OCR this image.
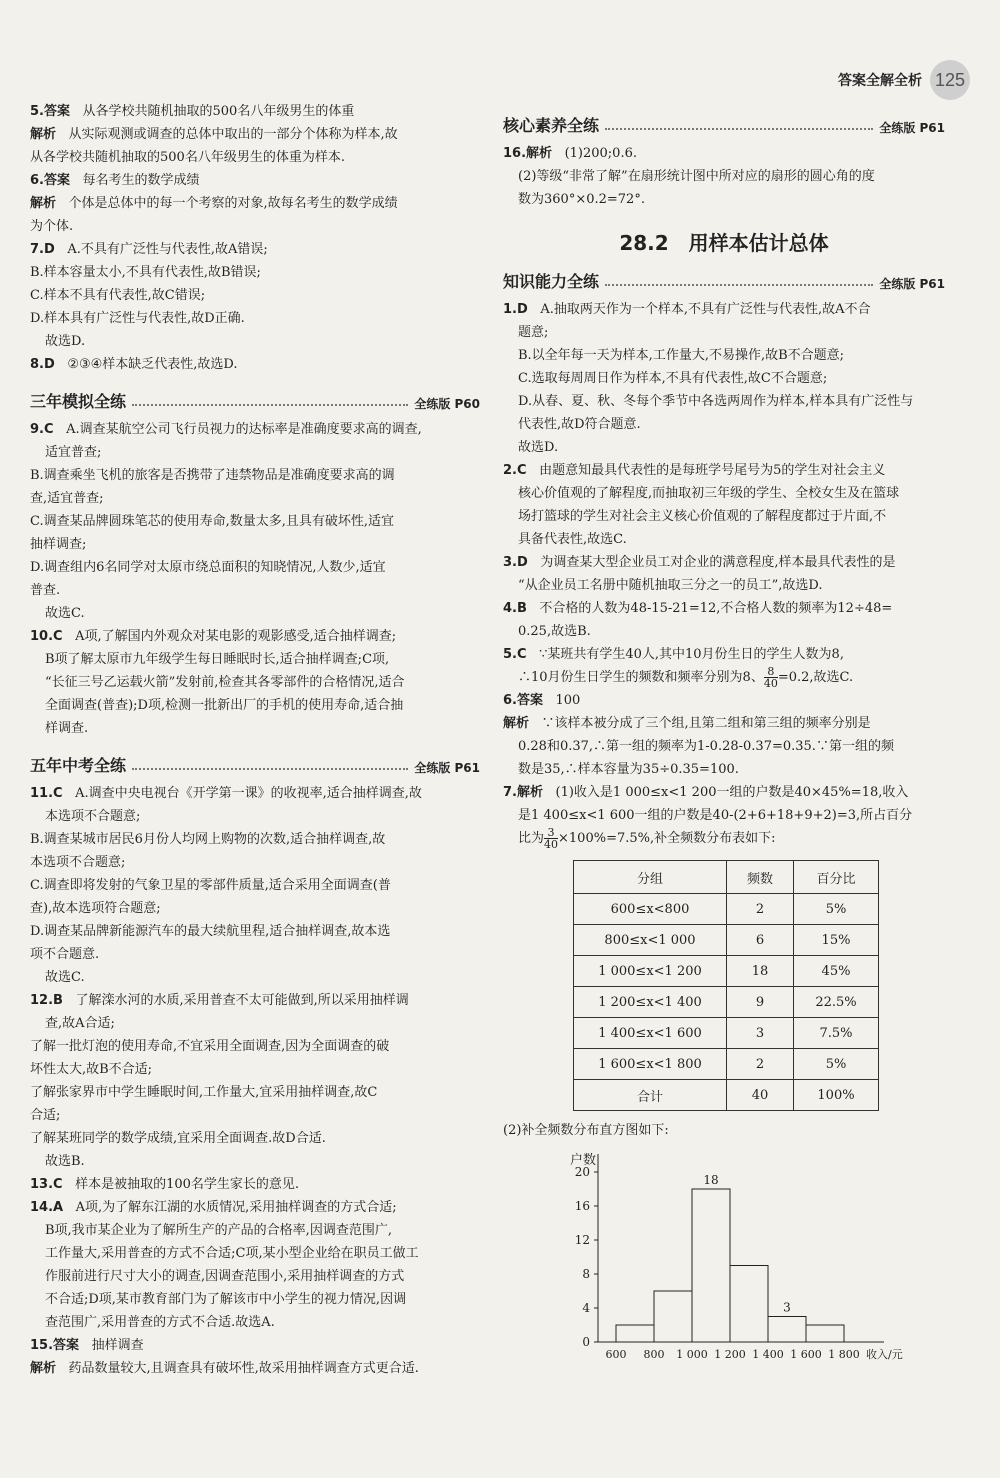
答案全解全析 125
5.答案 从各学校共随机抽取的500名八年级男生的体重
解析 从实际观测或调查的总体中取出的一部分个体称为样本,故
从各学校共随机抽取的500名八年级男生的体重为样本.
6.答案 每名考生的数学成绩
解析 个体是总体中的每一个考察的对象,故每名考生的数学成绩
为个体.
7.D A.不具有广泛性与代表性,故A错误;
B.样本容量太小,不具有代表性,故B错误;
C.样本不具有代表性,故C错误;
D.样本具有广泛性与代表性,故D正确.
故选D.
8.D ②③④样本缺乏代表性,故选D.
三年模拟全练	全练版 P60
9.C A.调查某航空公司飞行员视力的达标率是准确度要求高的调查,
适宜普查;
B.调查乘坐飞机的旅客是否携带了违禁物品是准确度要求高的调
查,适宜普查;
C.调查某品牌圆珠笔芯的使用寿命,数量太多,且具有破坏性,适宜
抽样调查;
D.调查组内6名同学对太原市绕总面积的知晓情况,人数少,适宜
普查.
故选C.
10.C A项,了解国内外观众对某电影的观影感受,适合抽样调查;
B项了解太原市九年级学生每日睡眠时长,适合抽样调查;C项,
“长征三号乙运载火箭”发射前,检查其各零部件的合格情况,适合
全面调查(普查);D项,检测一批新出厂的手机的使用寿命,适合抽
样调查.
五年中考全练	全练版 P61
11.C A.调查中央电视台《开学第一课》的收视率,适合抽样调查,故
本选项不合题意;
B.调查某城市居民6月份人均网上购物的次数,适合抽样调查,故
本选项不合题意;
C.调查即将发射的气象卫星的零部件质量,适合采用全面调查(普
查),故本选项符合题意;
D.调查某品牌新能源汽车的最大续航里程,适合抽样调查,故本选
项不合题意.
故选C.
12.B 了解滦水河的水质,采用普查不太可能做到,所以采用抽样调
查,故A合适;
了解一批灯泡的使用寿命,不宜采用全面调查,因为全面调查的破
坏性太大,故B不合适;
了解张家界市中学生睡眠时间,工作量大,宜采用抽样调查,故C
合适;
了解某班同学的数学成绩,宜采用全面调查.故D合适.
故选B.
13.C 样本是被抽取的100名学生家长的意见.
14.A A项,为了解东江湖的水质情况,采用抽样调查的方式合适;
B项,我市某企业为了解所生产的产品的合格率,因调查范围广,
工作量大,采用普查的方式不合适;C项,某小型企业给在职员工做工
作服前进行尺寸大小的调查,因调查范围小,采用抽样调查的方式
不合适;D项,某市教育部门为了解该市中小学生的视力情况,因调
查范围广,采用普查的方式不合适.故选A.
15.答案 抽样调查
解析 药品数量较大,且调查具有破坏性,故采用抽样调查方式更合适.
核心素养全练	全练版 P61
16.解析 (1)200;0.6.
(2)等级“非常了解”在扇形统计图中所对应的扇形的圆心角的度
数为360°×0.2=72°.
28.2　用样本估计总体
知识能力全练	全练版 P61
1.D A.抽取两天作为一个样本,不具有广泛性与代表性,故A不合
题意;
B.以全年每一天为样本,工作量大,不易操作,故B不合题意;
C.选取每周周日作为样本,不具有代表性,故C不合题意;
D.从春、夏、秋、冬每个季节中各选两周作为样本,样本具有广泛性与
代表性,故D符合题意.
故选D.
2.C 由题意知最具代表性的是每班学号尾号为5的学生对社会主义
核心价值观的了解程度,而抽取初三年级的学生、全校女生及在篮球
场打篮球的学生对社会主义核心价值观的了解程度都过于片面,不
具备代表性,故选C.
3.D 为调查某大型企业员工对企业的满意程度,样本最具代表性的是
“从企业员工名册中随机抽取三分之一的员工”,故选D.
4.B 不合格的人数为48-15-21=12,不合格人数的频率为12÷48=
0.25,故选B.
5.C ∵某班共有学生40人,其中10月份生日的学生人数为8,
∴10月份生日学生的频数和频率分别为8、 $\frac{8}{40} =0.2$,故选C.
6.答案 100
解析 ∵该样本被分成了三个组,且第二组和第三组的频率分别是
0.28和0.37,∴第一组的频率为1-0.28-0.37=0.35.∵第一组的频
数是35,∴样本容量为35÷0.35=100.
7.解析 (1)收入是1 000≤x<1 200一组的户数是40×45%=18,收入
是1 400≤x<1 600一组的户数是40-(2+6+18+9+2)=3,所占百分
比为 $\frac{3}{40} \times 100\%=7.5\%$,补全频数分布表如下:
分组	频数	百分比
600≤x<800	2	5%
800≤x<1 000	6	15%
1 000≤x<1 200	18	45%
1 200≤x<1 400	9	22.5%
1 400≤x<1 600	3	7.5%
1 600≤x<1 800	2	5%
合计	40	100%
(2)补全频数分布直方图如下:
户数
0
4
8
12
16
20
600 800 1 000 1 200 1 400 1 600 1 800 收入/元
18
3
